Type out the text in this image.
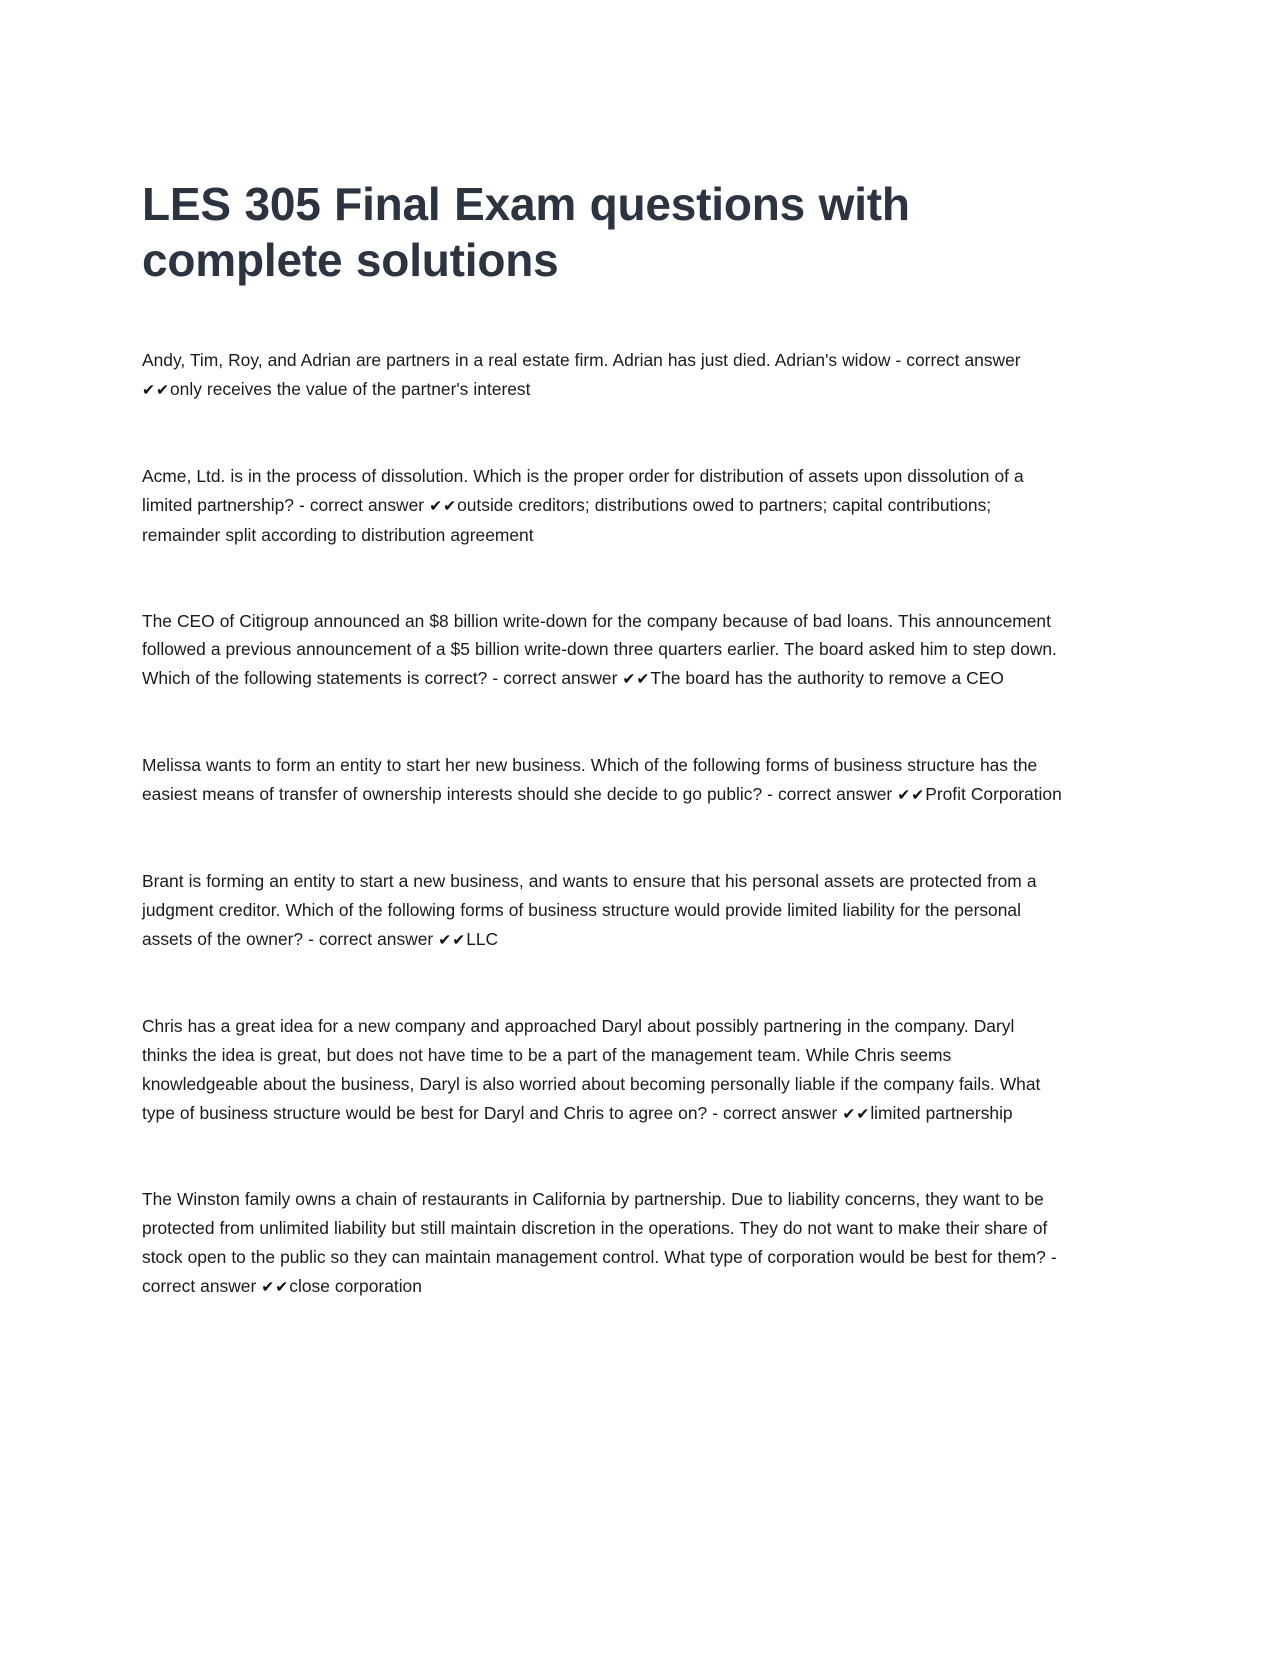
LES 305 Final Exam questions with complete solutions

Andy, Tim, Roy, and Adrian are partners in a real estate firm. Adrian has just died. Adrian's widow - correct answer ✔✔only receives the value of the partner's interest

Acme, Ltd. is in the process of dissolution. Which is the proper order for distribution of assets upon dissolution of a limited partnership? - correct answer ✔✔outside creditors; distributions owed to partners; capital contributions; remainder split according to distribution agreement

The CEO of Citigroup announced an $8 billion write-down for the company because of bad loans. This announcement followed a previous announcement of a $5 billion write-down three quarters earlier. The board asked him to step down. Which of the following statements is correct? - correct answer ✔✔The board has the authority to remove a CEO

Melissa wants to form an entity to start her new business. Which of the following forms of business structure has the easiest means of transfer of ownership interests should she decide to go public? - correct answer ✔✔Profit Corporation

Brant is forming an entity to start a new business, and wants to ensure that his personal assets are protected from a judgment creditor. Which of the following forms of business structure would provide limited liability for the personal assets of the owner? - correct answer ✔✔LLC

Chris has a great idea for a new company and approached Daryl about possibly partnering in the company. Daryl thinks the idea is great, but does not have time to be a part of the management team. While Chris seems knowledgeable about the business, Daryl is also worried about becoming personally liable if the company fails. What type of business structure would be best for Daryl and Chris to agree on? - correct answer ✔✔limited partnership

The Winston family owns a chain of restaurants in California by partnership. Due to liability concerns, they want to be protected from unlimited liability but still maintain discretion in the operations. They do not want to make their share of stock open to the public so they can maintain management control. What type of corporation would be best for them? - correct answer ✔✔close corporation
